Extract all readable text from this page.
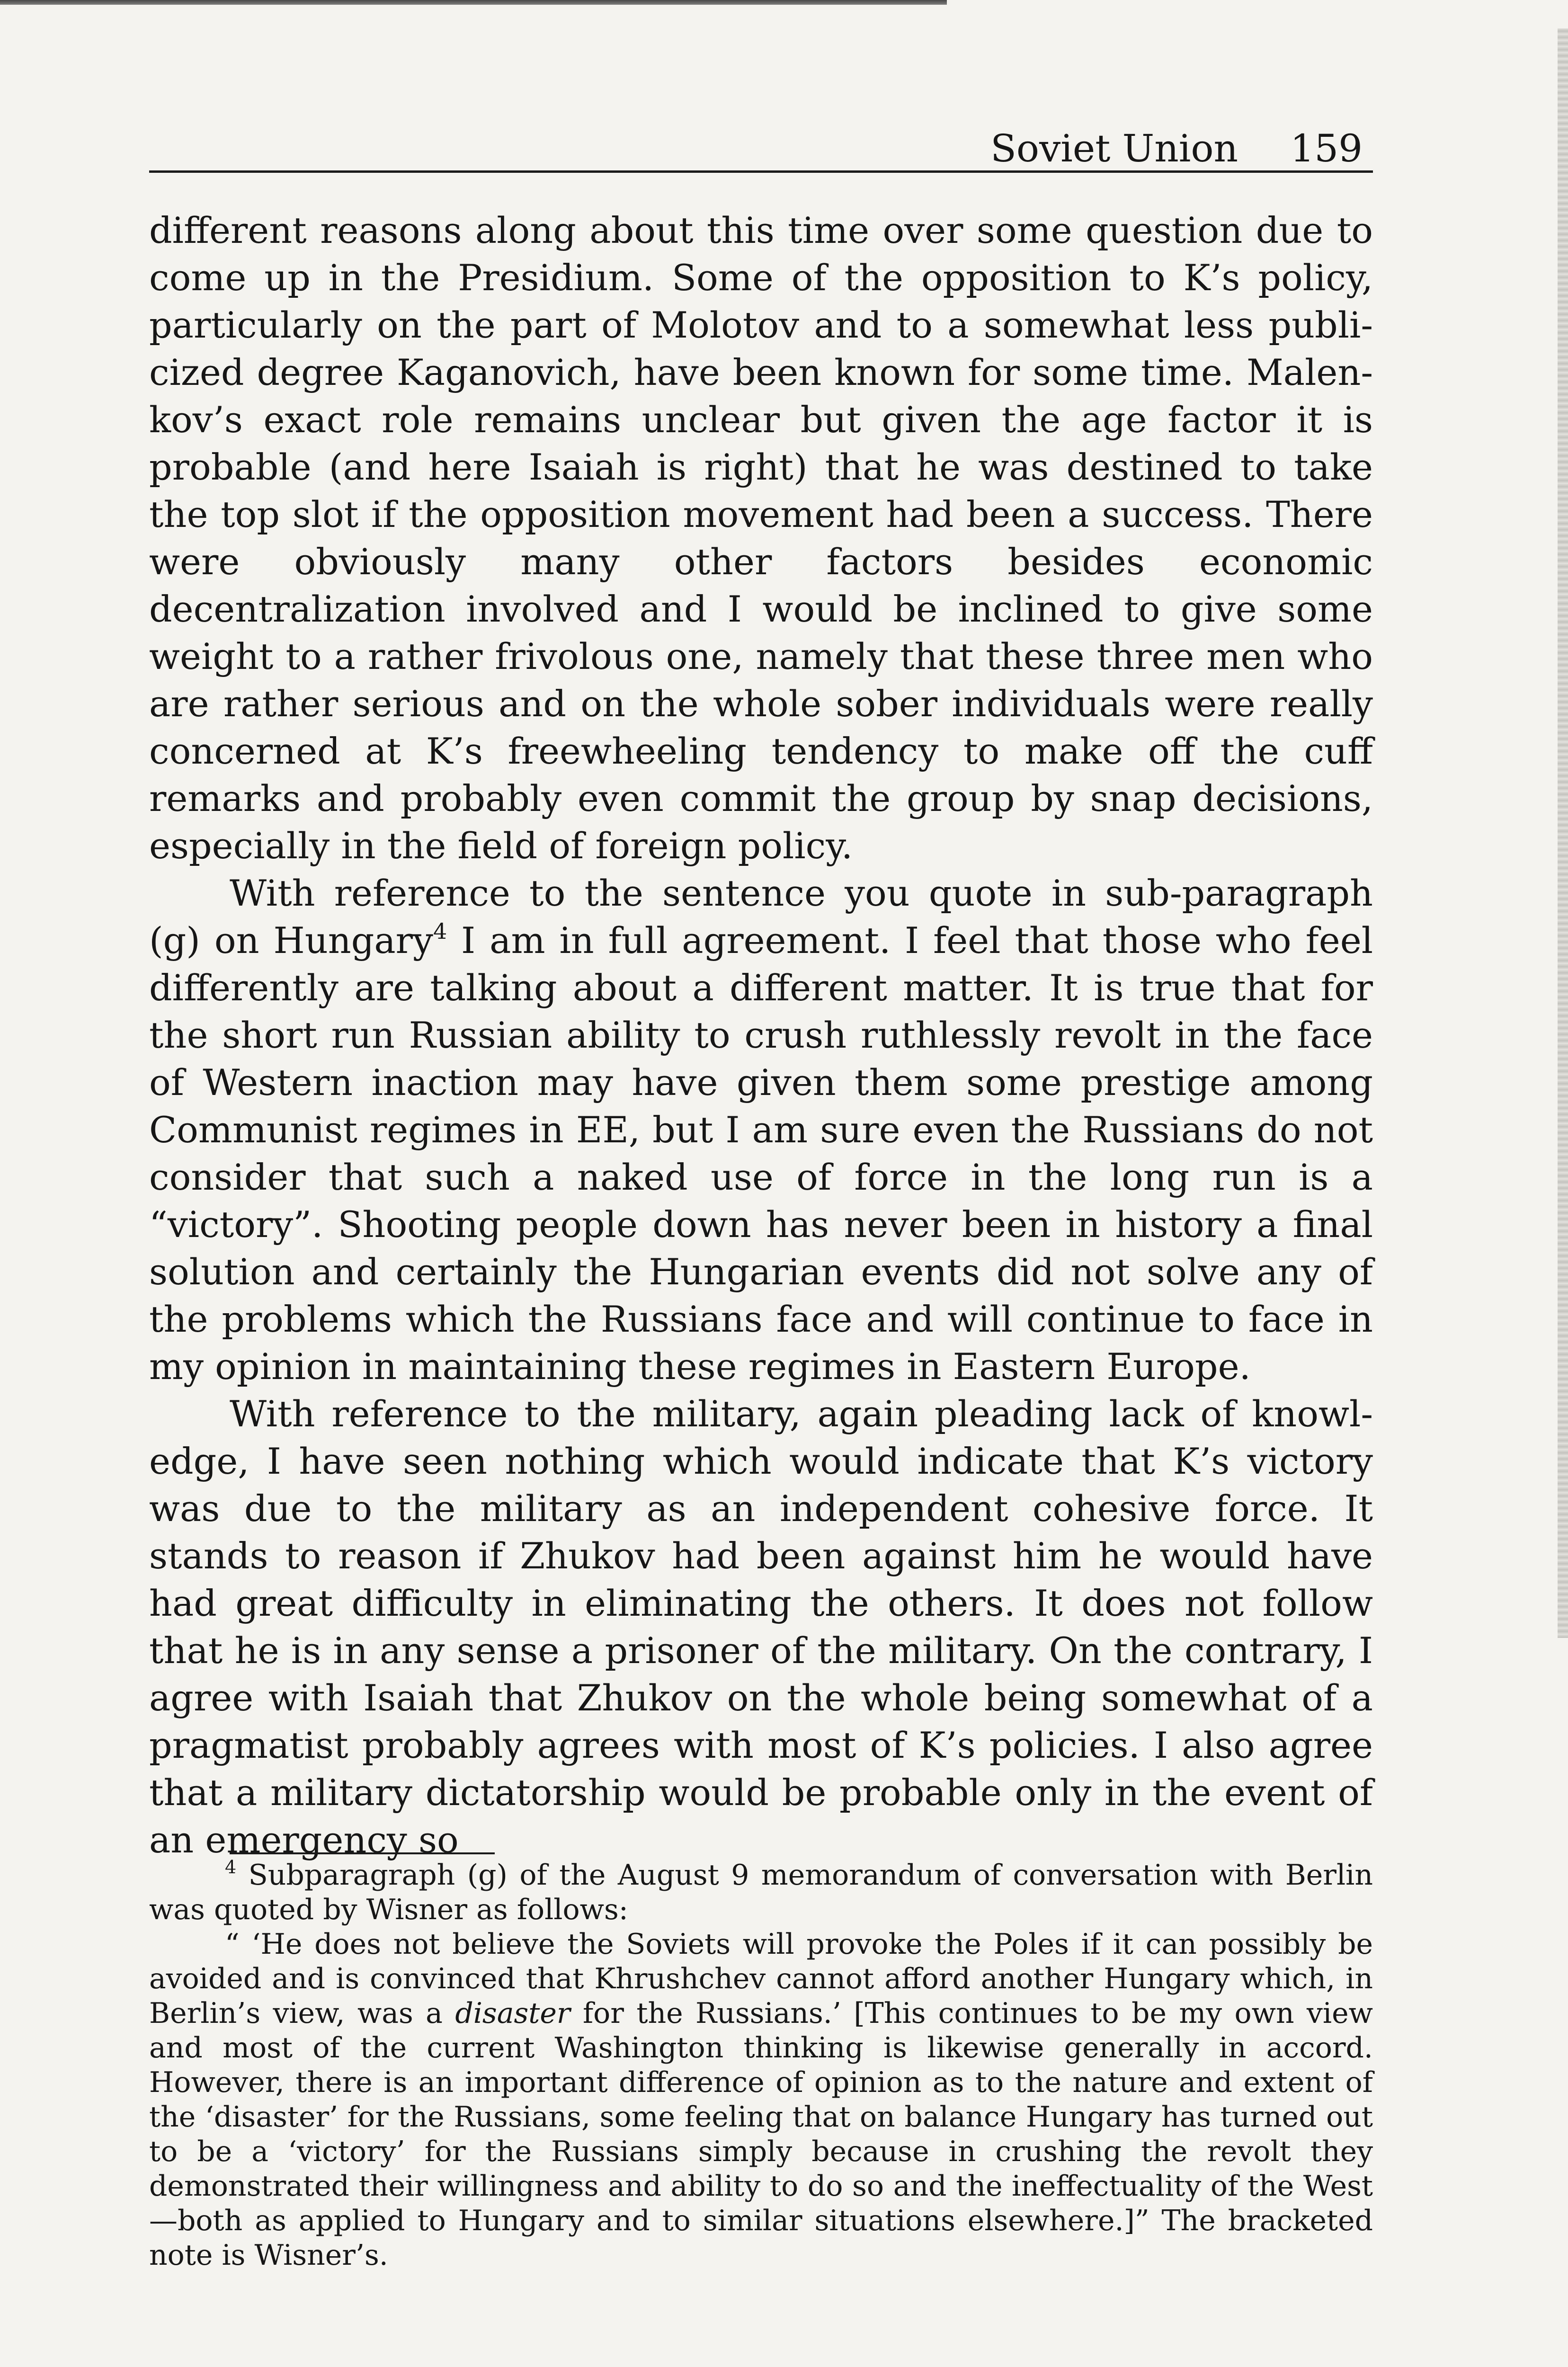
Soviet Union 159

different reasons along about this time over some question due to come up in the Presidium. Some of the opposition to K’s policy, particularly on the part of Molotov and to a somewhat less publicized degree Kaganovich, have been known for some time. Malenkov’s exact role remains unclear but given the age factor it is probable (and here Isaiah is right) that he was destined to take the top slot if the opposition movement had been a success. There were obviously many other factors besides economic decentralization involved and I would be inclined to give some weight to a rather frivolous one, namely that these three men who are rather serious and on the whole sober individuals were really concerned at K’s freewheeling tendency to make off the cuff remarks and probably even commit the group by snap decisions, especially in the field of foreign policy.

With reference to the sentence you quote in sub-paragraph (g) on Hungary$^4$ I am in full agreement. I feel that those who feel differently are talking about a different matter. It is true that for the short run Russian ability to crush ruthlessly revolt in the face of Western inaction may have given them some prestige among Communist regimes in EE, but I am sure even the Russians do not consider that such a naked use of force in the long run is a “victory”. Shooting people down has never been in history a final solution and certainly the Hungarian events did not solve any of the problems which the Russians face and will continue to face in my opinion in maintaining these regimes in Eastern Europe.

With reference to the military, again pleading lack of knowledge, I have seen nothing which would indicate that K’s victory was due to the military as an independent cohesive force. It stands to reason if Zhukov had been against him he would have had great difficulty in eliminating the others. It does not follow that he is in any sense a prisoner of the military. On the contrary, I agree with Isaiah that Zhukov on the whole being somewhat of a pragmatist probably agrees with most of K’s policies. I also agree that a military dictatorship would be probable only in the event of an emergency so

$^4$ Subparagraph (g) of the August 9 memorandum of conversation with Berlin was quoted by Wisner as follows:

“ ‘He does not believe the Soviets will provoke the Poles if it can possibly be avoided and is convinced that Khrushchev cannot afford another Hungary which, in Berlin’s view, was a disaster for the Russians.’ [This continues to be my own view and most of the current Washington thinking is likewise generally in accord. However, there is an important difference of opinion as to the nature and extent of the ‘disaster’ for the Russians, some feeling that on balance Hungary has turned out to be a ‘victory’ for the Russians simply because in crushing the revolt they demonstrated their willingness and ability to do so and the ineffectuality of the West—both as applied to Hungary and to similar situations elsewhere.]” The bracketed note is Wisner’s.
